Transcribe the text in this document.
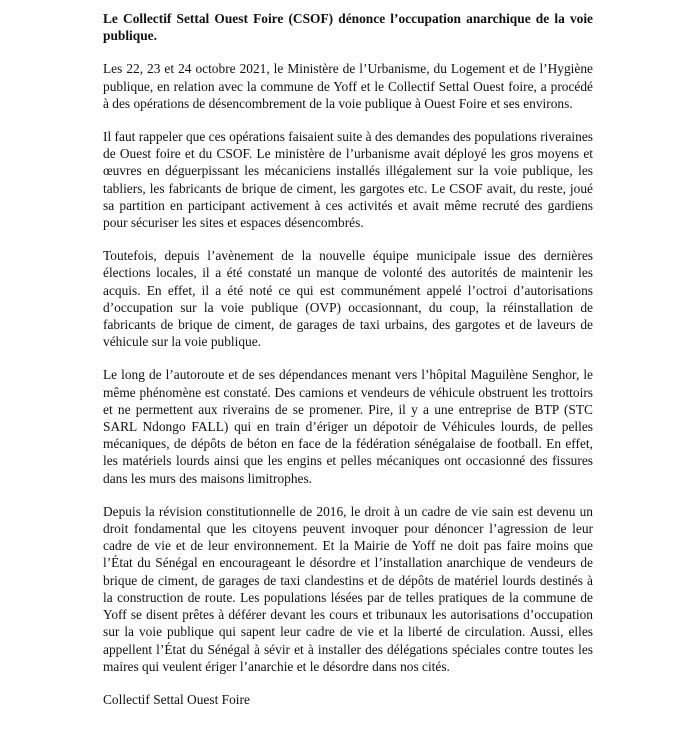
Le Collectif Settal Ouest Foire (CSOF) dénonce l’occupation anarchique de la voie publique.

Les 22, 23 et 24 octobre 2021, le Ministère de l’Urbanisme, du Logement et de l’Hygiène publique, en relation avec la commune de Yoff et le Collectif Settal Ouest foire, a procédé à des opérations de désencombrement de la voie publique à Ouest Foire et ses environs.

Il faut rappeler que ces opérations faisaient suite à des demandes des populations riveraines de Ouest foire et du CSOF. Le ministère de l’urbanisme avait déployé les gros moyens et œuvres en déguerpissant les mécaniciens installés illégalement sur la voie publique, les tabliers, les fabricants de brique de ciment, les gargotes etc. Le CSOF avait, du reste, joué sa partition en participant activement à ces activités et avait même recruté des gardiens pour sécuriser les sites et espaces désencombrés.

Toutefois, depuis l’avènement de la nouvelle équipe municipale issue des dernières élections locales, il a été constaté un manque de volonté des autorités de maintenir les acquis. En effet, il a été noté ce qui est communément appelé l’octroi d’autorisations d’occupation sur la voie publique (OVP) occasionnant, du coup, la réinstallation de fabricants de brique de ciment, de garages de taxi urbains, des gargotes et de laveurs de véhicule sur la voie publique.

Le long de l’autoroute et de ses dépendances menant vers l’hôpital Maguilène Senghor, le même phénomène est constaté. Des camions et vendeurs de véhicule obstruent les trottoirs et ne permettent aux riverains de se promener. Pire, il y a une entreprise de BTP (STC SARL Ndongo FALL) qui en train d’ériger un dépotoir de Véhicules lourds, de pelles mécaniques, de dépôts de béton en face de la fédération sénégalaise de football. En effet, les matériels lourds ainsi que les engins et pelles mécaniques ont occasionné des fissures dans les murs des maisons limitrophes.

Depuis la révision constitutionnelle de 2016, le droit à un cadre de vie sain est devenu un droit fondamental que les citoyens peuvent invoquer pour dénoncer l’agression de leur cadre de vie et de leur environnement. Et la Mairie de Yoff ne doit pas faire moins que l’État du Sénégal en encourageant le désordre et l’installation anarchique de vendeurs de brique de ciment, de garages de taxi clandestins et de dépôts de matériel lourds destinés à la construction de route. Les populations lésées par de telles pratiques de la commune de Yoff se disent prêtes à déférer devant les cours et tribunaux les autorisations d’occupation sur la voie publique qui sapent leur cadre de vie et la liberté de circulation. Aussi, elles appellent l’État du Sénégal à sévir et à installer des délégations spéciales contre toutes les maires qui veulent ériger l’anarchie et le désordre dans nos cités.

Collectif Settal Ouest Foire
